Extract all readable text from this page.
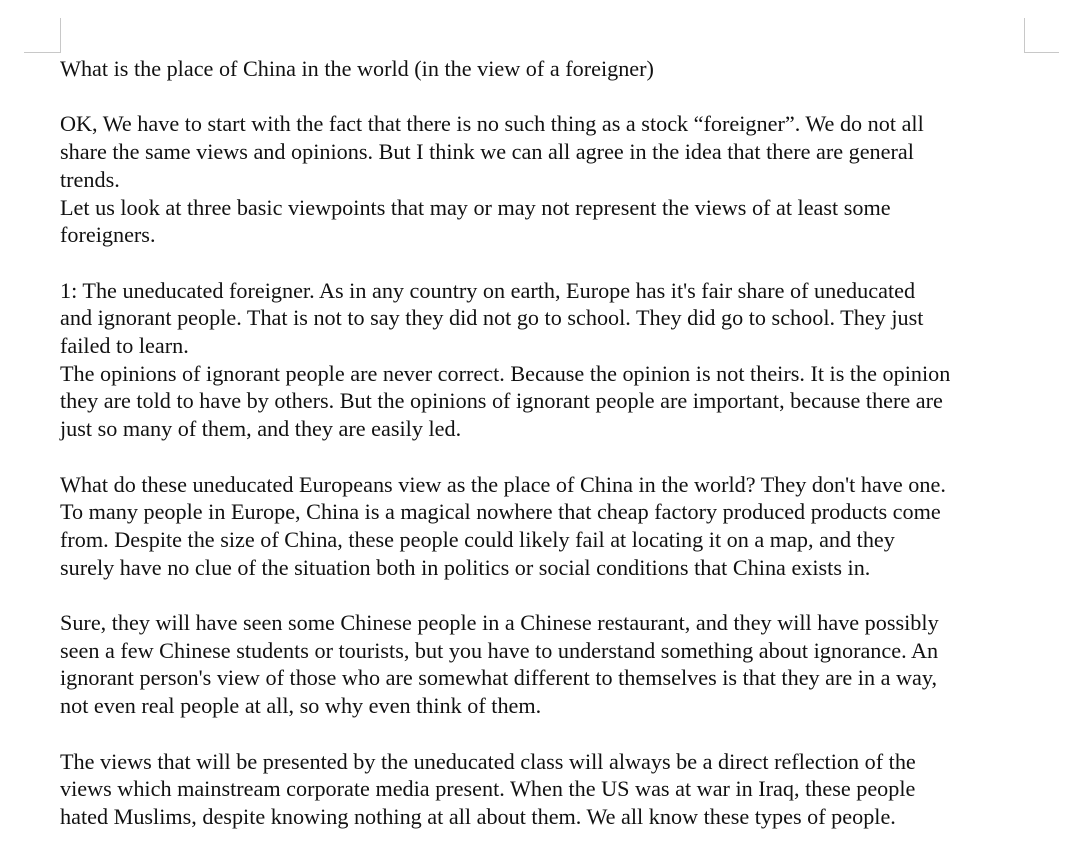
What is the place of China in the world (in the view of a foreigner)

OK, We have to start with the fact that there is no such thing as a stock “foreigner”. We do not all

share the same views and opinions. But I think we can all agree in the idea that there are general

trends.

Let us look at three basic viewpoints that may or may not represent the views of at least some

foreigners.

1: The uneducated foreigner. As in any country on earth, Europe has it's fair share of uneducated

and ignorant people. That is not to say they did not go to school. They did go to school. They just

failed to learn.

The opinions of ignorant people are never correct. Because the opinion is not theirs. It is the opinion

they are told to have by others. But the opinions of ignorant people are important, because there are

just so many of them, and they are easily led.

What do these uneducated Europeans view as the place of China in the world? They don't have one.

To many people in Europe, China is a magical nowhere that cheap factory produced products come

from. Despite the size of China, these people could likely fail at locating it on a map, and they

surely have no clue of the situation both in politics or social conditions that China exists in.

Sure, they will have seen some Chinese people in a Chinese restaurant, and they will have possibly

seen a few Chinese students or tourists, but you have to understand something about ignorance. An

ignorant person's view of those who are somewhat different to themselves is that they are in a way,

not even real people at all, so why even think of them.

The views that will be presented by the uneducated class will always be a direct reflection of the

views which mainstream corporate media present. When the US was at war in Iraq, these people

hated Muslims, despite knowing nothing at all about them. We all know these types of people.
